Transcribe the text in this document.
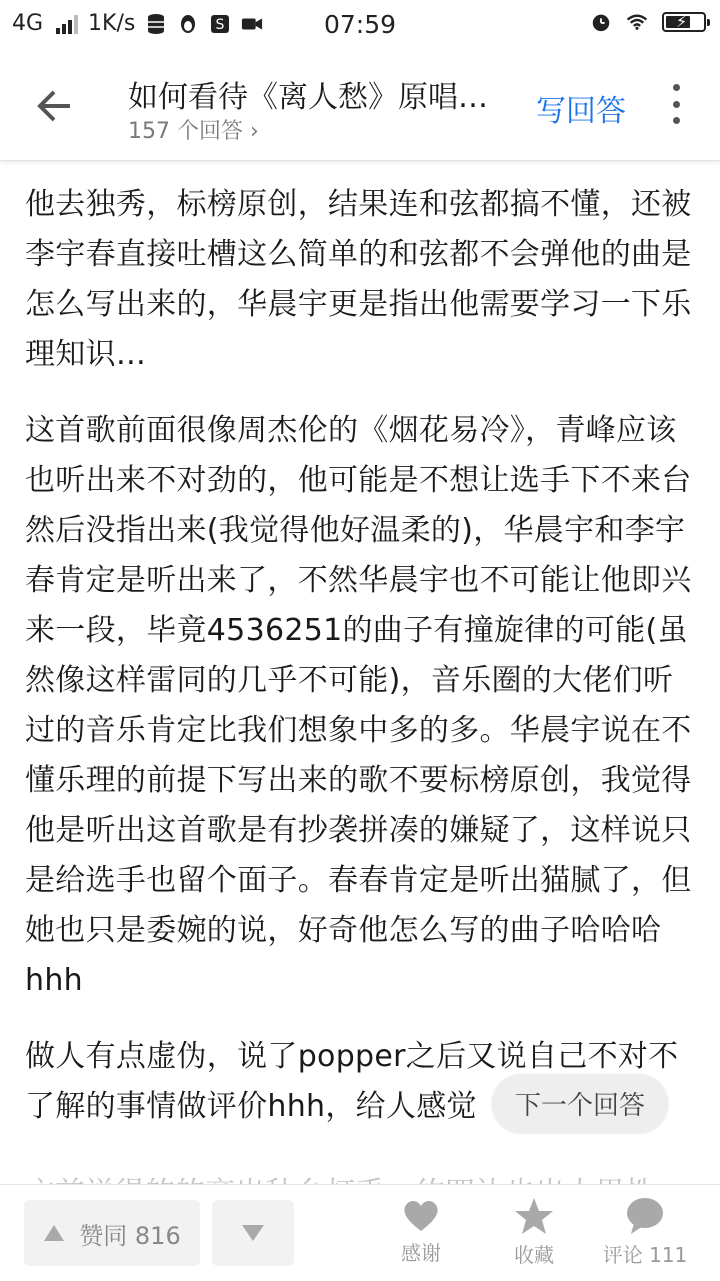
4G 1K/s	S	07:59	⚡
如何看待《离人愁》原唱…
157 个回答 ›
写回答

他去独秀，标榜原创，结果连和弦都搞不懂，还被李宇春直接吐槽这么简单的和弦都不会弹他的曲是怎么写出来的，华晨宇更是指出他需要学习一下乐理知识…

这首歌前面很像周杰伦的《烟花易冷》，青峰应该也听出来不对劲的，他可能是不想让选手下不来台然后没指出来(我觉得他好温柔的)，华晨宇和李宇春肯定是听出来了，不然华晨宇也不可能让他即兴来一段，毕竟4536251的曲子有撞旋律的可能(虽然像这样雷同的几乎不可能)，音乐圈的大佬们听过的音乐肯定比我们想象中多的多。华晨宇说在不懂乐理的前提下写出来的歌不要标榜原创，我觉得他是听出这首歌是有抄袭拼凑的嫌疑了，这样说只是给选手也留个面子。春春肯定是听出猫腻了，但她也只是委婉的说，好奇他怎么写的曲子哈哈哈hhh

做人有点虚伪，说了popper之后又说自己不对不了解的事情做评价hhh，给人感觉	下一个回答
赞同 816
感谢	收藏 评论 111
